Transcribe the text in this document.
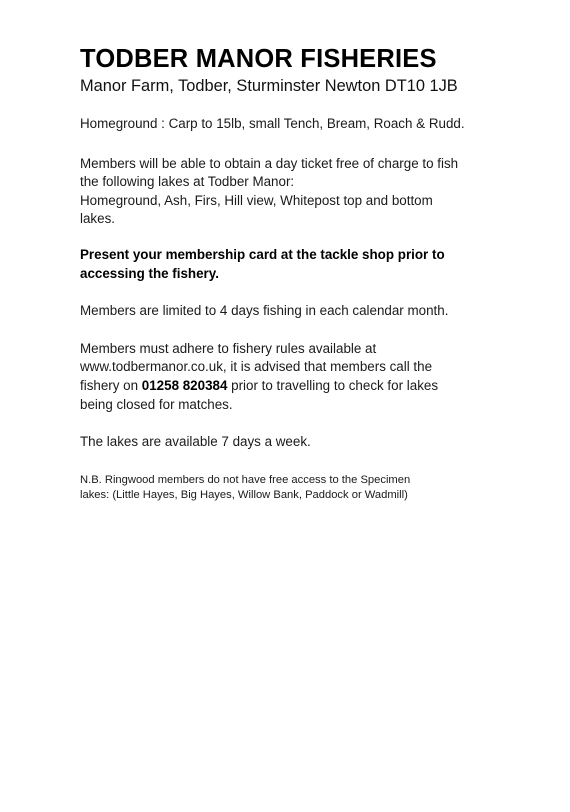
TODBER MANOR FISHERIES
Manor Farm, Todber, Sturminster Newton DT10 1JB

Homeground : Carp to 15lb, small Tench, Bream, Roach & Rudd.

Members will be able to obtain a day ticket free of charge to fish
the following lakes at Todber Manor:
Homeground, Ash, Firs, Hill view, Whitepost top and bottom
lakes.
Present your membership card at the tackle shop prior to
accessing the fishery.

Members are limited to 4 days fishing in each calendar month.

Members must adhere to fishery rules available at
www.todbermanor.co.uk, it is advised that members call the
fishery on 01258 820384 prior to travelling to check for lakes
being closed for matches.

The lakes are available 7 days a week.

N.B. Ringwood members do not have free access to the Specimen
lakes: (Little Hayes, Big Hayes, Willow Bank, Paddock or Wadmill)
